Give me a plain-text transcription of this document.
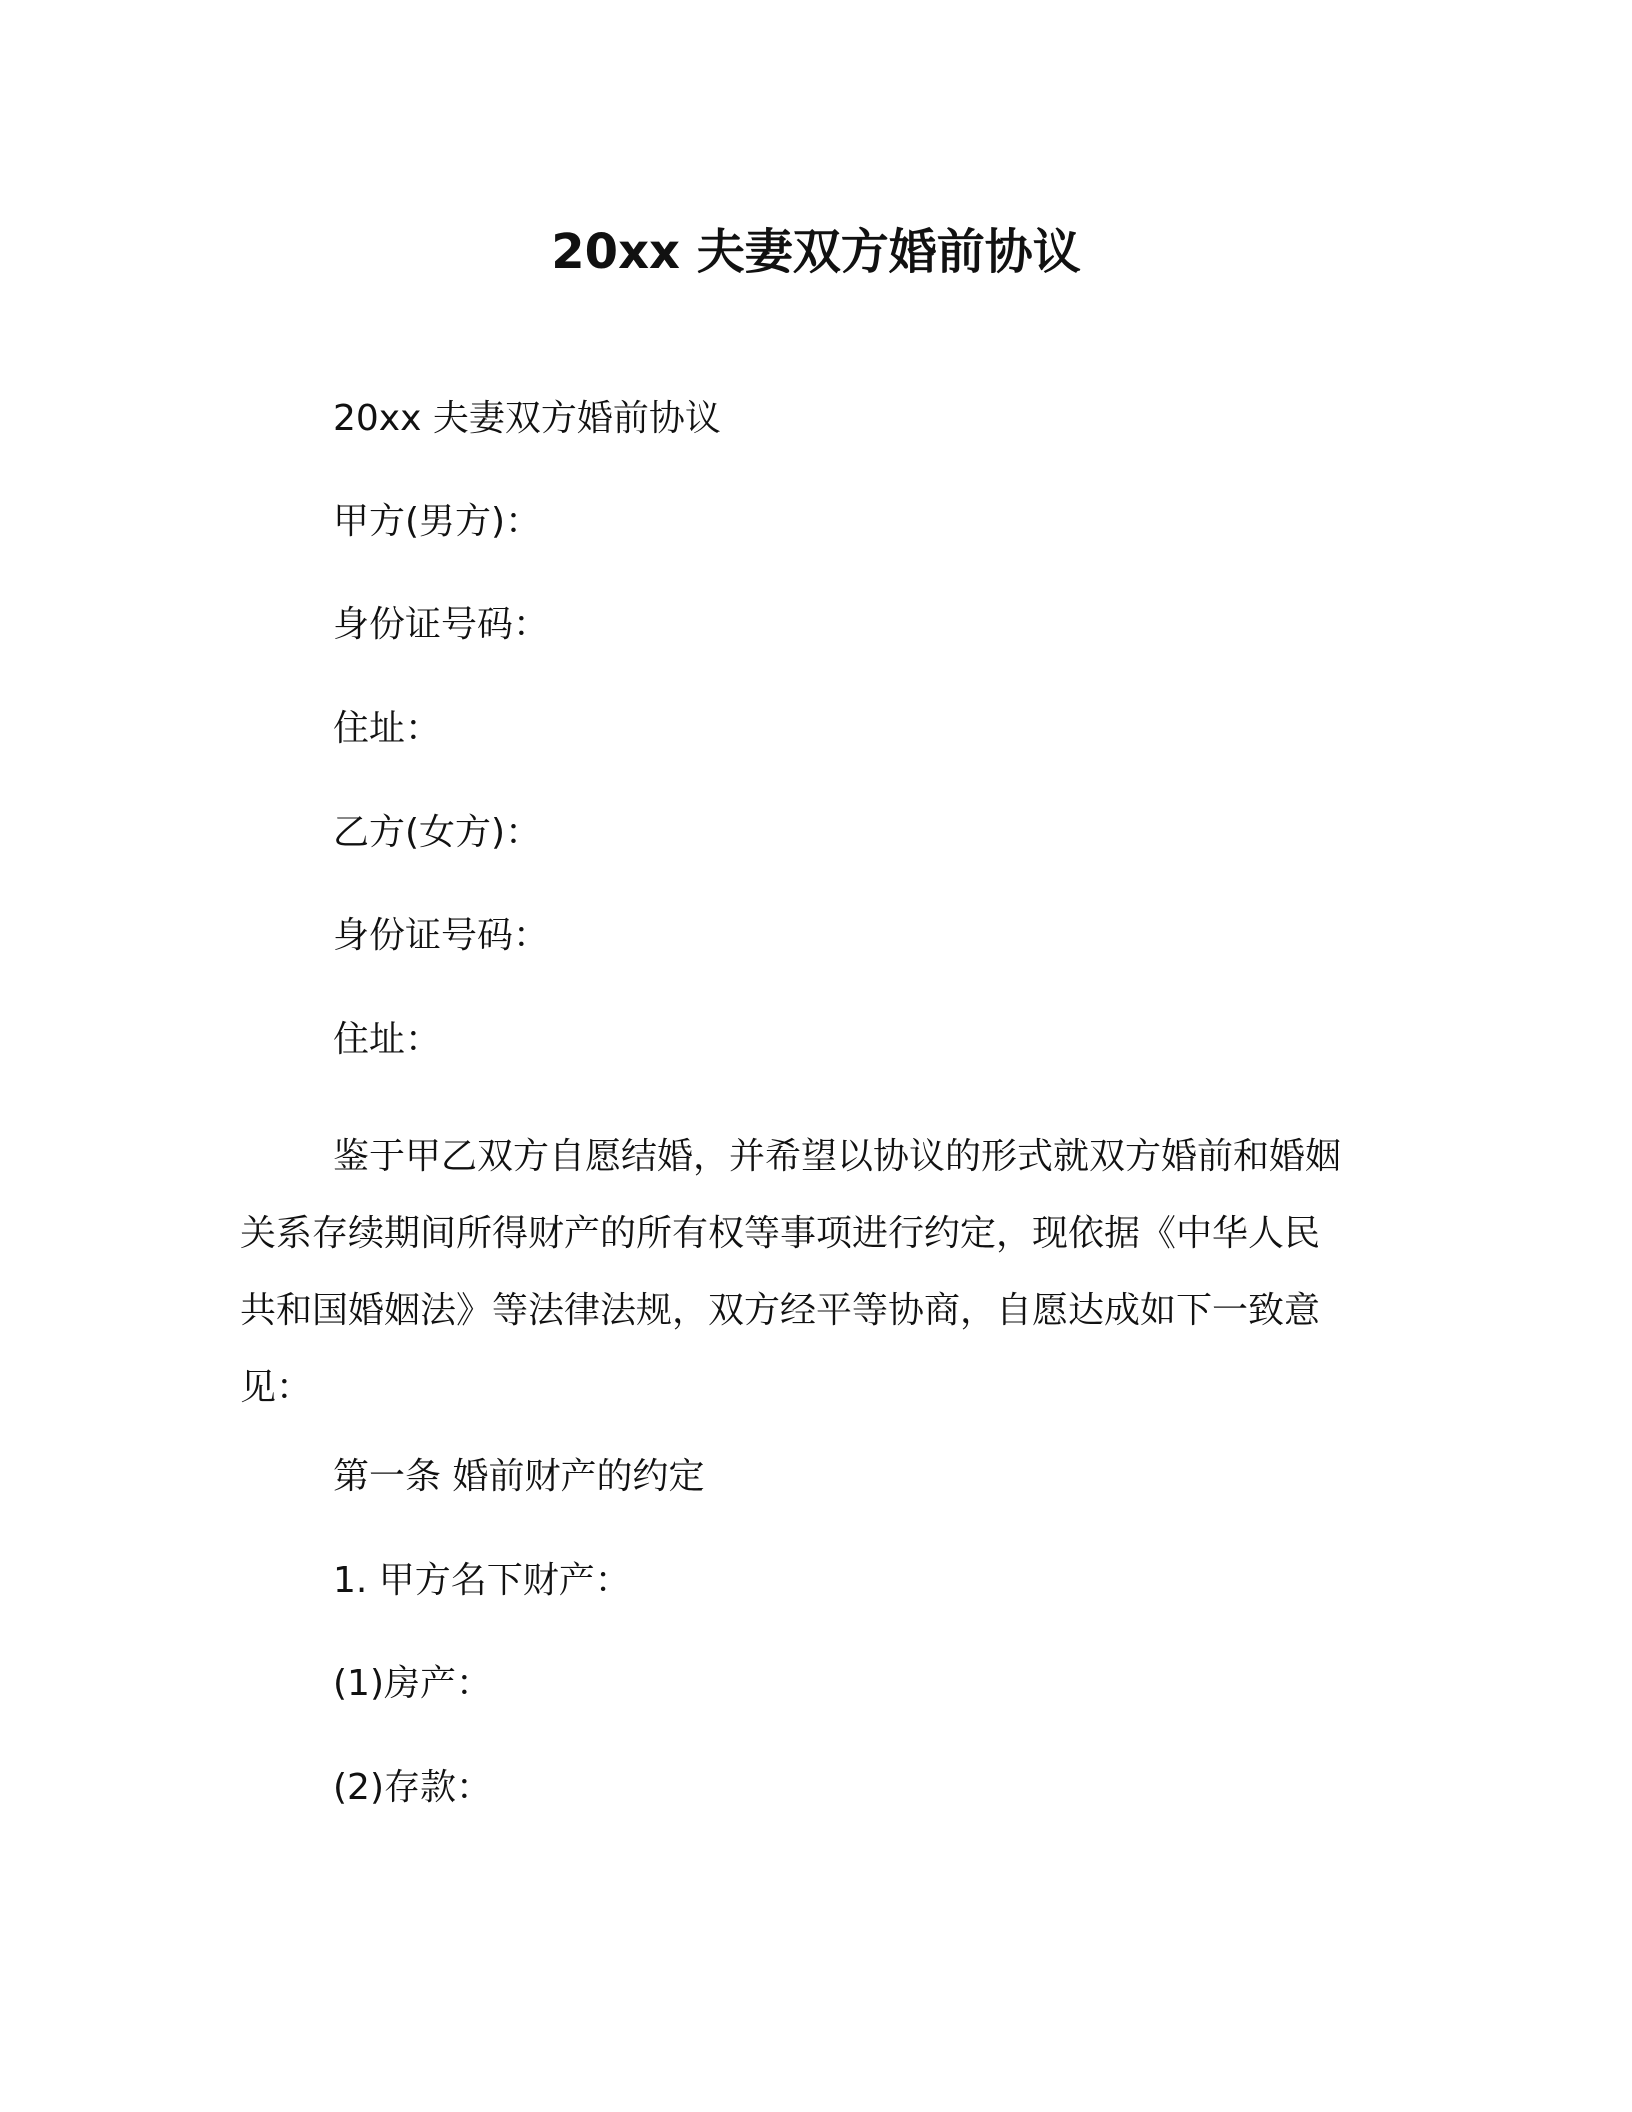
20xx 夫妻双方婚前协议
20xx 夫妻双方婚前协议
甲方(男方)：
身份证号码：
住址：
乙方(女方)：
身份证号码：
住址：
鉴于甲乙双方自愿结婚，并希望以协议的形式就双方婚前和婚姻
关系存续期间所得财产的所有权等事项进行约定，现依据《中华人民
共和国婚姻法》等法律法规，双方经平等协商，自愿达成如下一致意
见：
第一条 婚前财产的约定
1. 甲方名下财产：
(1)房产：
(2)存款：
